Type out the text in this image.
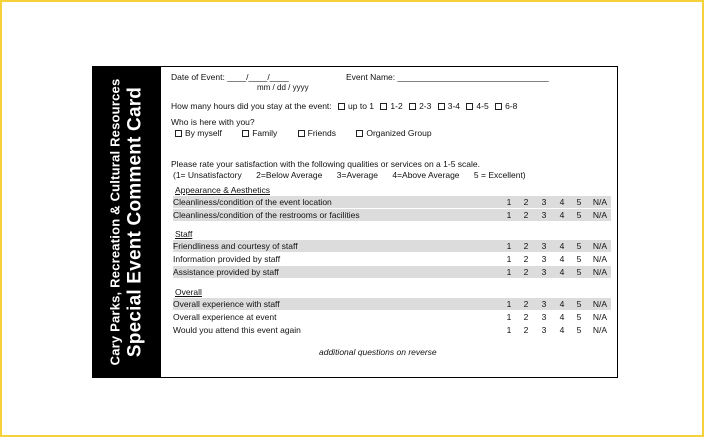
Cary Parks, Recreation & Cultural Resources Special Event Comment Card
Date of Event: ____/____/____
mm / dd / yyyy
Event Name: ________________________________
How many hours did you stay at the event: up to 1 1-2 2-3 3-4 4-5 6-8
Who is here with you?
By myself	Family	Friends	Organized Group
Please rate your satisfaction with the following qualities or services on a 1-5 scale.
(1= Unsatisfactory 2=Below Average 3=Average 4=Above Average 5 = Excellent)
Appearance & Aesthetics
Cleanliness/condition of the event location	1	2	3	4	5	N/A
Cleanliness/condition of the restrooms or facilities	1	2	3	4	5	N/A
Staff
Friendliness and courtesy of staff	1	2	3	4	5	N/A
Information provided by staff	1	2	3	4	5	N/A
Assistance provided by staff	1	2	3	4	5	N/A
Overall
Overall experience with staff	1	2	3	4	5	N/A
Overall experience at event	1	2	3	4	5	N/A
Would you attend this event again	1	2	3	4	5	N/A
additional questions on reverse
